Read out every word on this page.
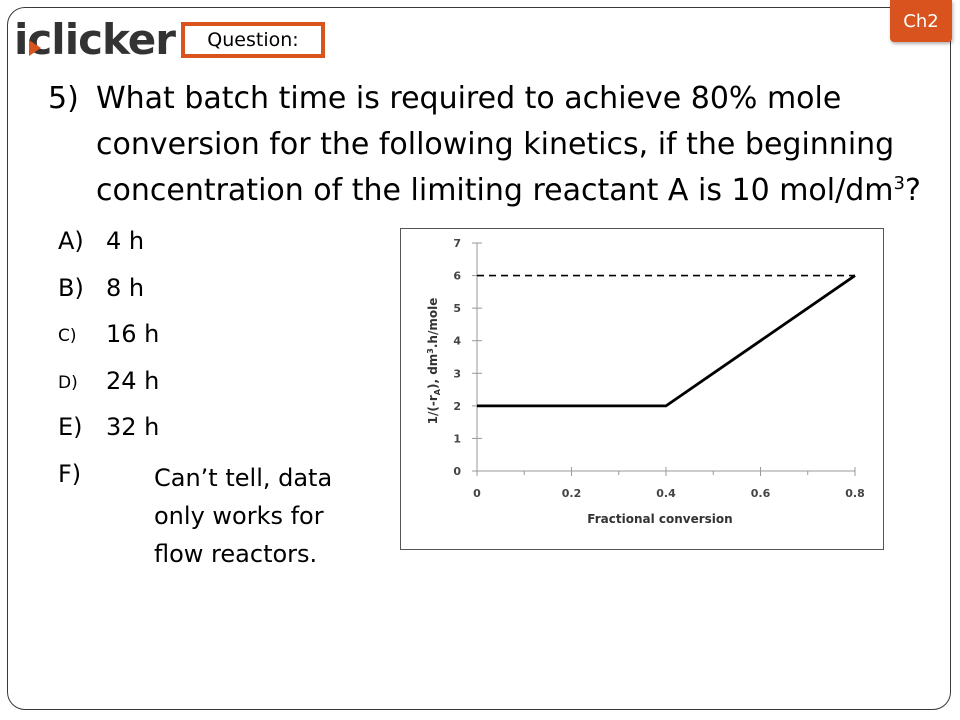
iclicker	Question:
Ch2
5) What batch time is required to achieve 80% mole conversion for the following kinetics, if the beginning concentration of the limiting reactant A is 10 mol/$dm^3$?
A) 4 h
B) 8 h
C) 16 h
D) 24 h
E) 32 h
F)	Can’t tell, data only works for flow reactors.
0
1
2
3
4
5
6
7
0	0.2	0.4	0.6	0.8
Fractional conversion
$1/(-r_A)$, $dm^3.h$/mole
